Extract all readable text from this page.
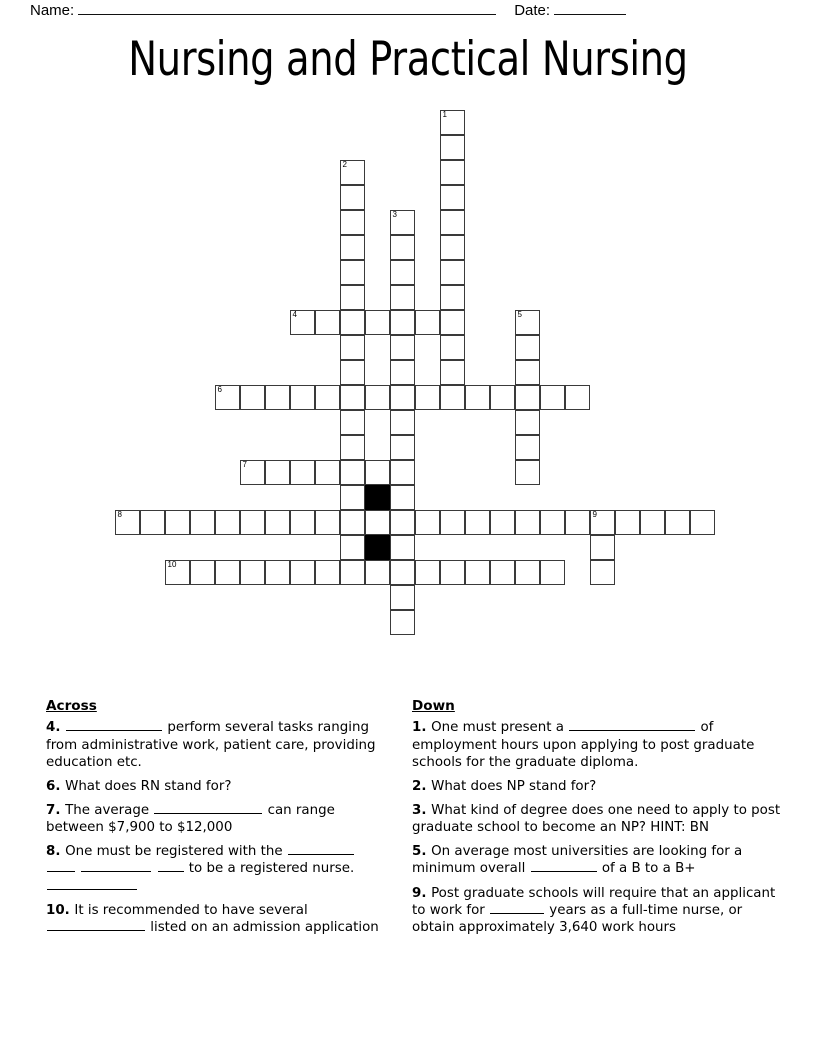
Name:	Date:
Nursing and Practical Nursing
1
2
3
4	5
6
7
8	9
10
Across

4.	perform several tasks ranging from administrative work, patient care, providing education etc.

6. What does RN stand for?

7. The average	can range between $7,900 to $12,000

8. One must be registered with the     to be a registered nurse.

10. It is recommended to have several  listed on an admission application

Down

1. One must present a	of employment hours upon applying to post graduate schools for the graduate diploma.

2. What does NP stand for?

3. What kind of degree does one need to apply to post graduate school to become an NP? HINT: BN

5. On average most universities are looking for a minimum overall	of a B to a B+

9. Post graduate schools will require that an applicant to work for	years as a full-time nurse, or obtain approximately 3,640 work hours
